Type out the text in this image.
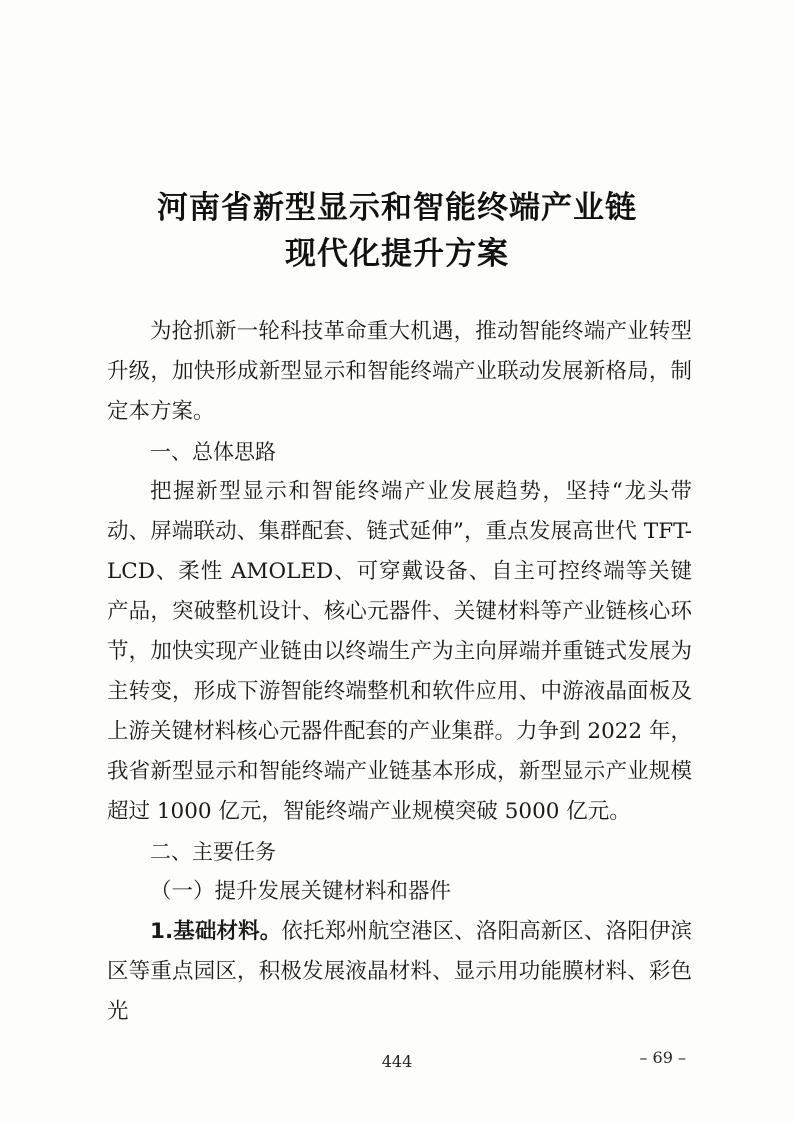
河南省新型显示和智能终端产业链
现代化提升方案

为抢抓新一轮科技革命重大机遇，推动智能终端产业转型升级，加快形成新型显示和智能终端产业联动发展新格局，制定本方案。

一、总体思路

把握新型显示和智能终端产业发展趋势，坚持“龙头带动、屏端联动、集群配套、链式延伸”，重点发展高世代 TFT-LCD、柔性 AMOLED、可穿戴设备、自主可控终端等关键产品，突破整机设计、核心元器件、关键材料等产业链核心环节，加快实现产业链由以终端生产为主向屏端并重链式发展为主转变，形成下游智能终端整机和软件应用、中游液晶面板及上游关键材料核心元器件配套的产业集群。力争到 2022 年，我省新型显示和智能终端产业链基本形成，新型显示产业规模超过 1000 亿元，智能终端产业规模突破 5000 亿元。

二、主要任务

（一）提升发展关键材料和器件

1.基础材料。依托郑州航空港区、洛阳高新区、洛阳伊滨区等重点园区，积极发展液晶材料、显示用功能膜材料、彩色光

444	– 69 –
